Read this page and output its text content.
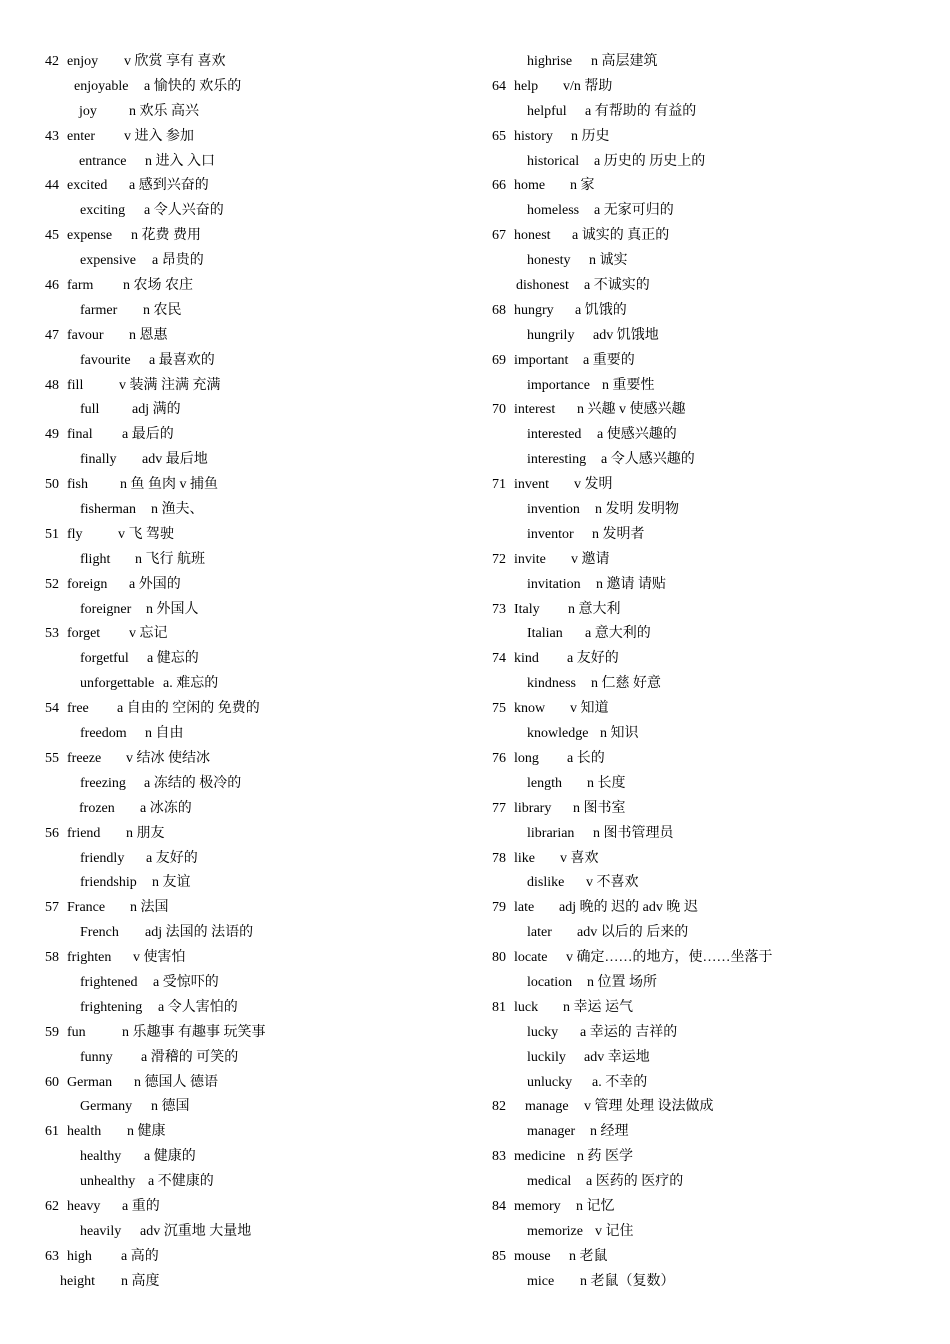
42 enjoy v 欣赏 享有 喜欢
enjoyable a 愉快的 欢乐的
joy n 欢乐 高兴
43 enter v 进入 参加
entrance n 进入 入口
44 excited a 感到兴奋的
exciting a 令人兴奋的
45 expense n 花费 费用
expensive a 昂贵的
46 farm n 农场 农庄
farmer n 农民
47 favour n 恩惠
favourite a 最喜欢的
48 fill	v 装满 注满 充满
full adj 满的
49 final a 最后的
finally adv 最后地
50 fish n 鱼 鱼肉 v 捕鱼
fisherman n 渔夫、
51 fly	v 飞 驾驶
flight n 飞行 航班
52 foreign a 外国的
foreigner n 外国人
53 forget v 忘记
forgetful a 健忘的
unforgettable a. 难忘的
54 free a 自由的 空闲的 免费的
freedom n 自由
55 freeze v 结冰 使结冰
freezing a 冻结的 极冷的
frozen a 冰冻的
56 friend n 朋友
friendly a 友好的
friendship n 友谊
57 France n 法国
French adj 法国的 法语的
58 frighten v 使害怕
frightened a 受惊吓的
frightening a 令人害怕的
59 fun	n 乐趣事 有趣事 玩笑事
funny a 滑稽的 可笑的
60 German n 德国人 德语
Germany n 德国
61 health n 健康
healthy a 健康的
unhealthy a 不健康的
62 heavy a 重的
heavily adv 沉重地 大量地
63 high a 高的
height n 高度
highrise n 高层建筑
64 help v/n 帮助
helpful a 有帮助的 有益的
65 history n 历史
historical a 历史的 历史上的
66 home n 家
homeless a 无家可归的
67 honest a 诚实的 真正的
honesty n 诚实
dishonest a 不诚实的
68 hungry a 饥饿的
hungrily adv 饥饿地
69 important a 重要的
importance n 重要性
70 interest n 兴趣 v 使感兴趣
interested a 使感兴趣的
interesting a 令人感兴趣的
71 invent v 发明
invention n 发明 发明物
inventor n 发明者
72 invite v 邀请
invitation n 邀请 请贴
73 Italy n 意大利
Italian a 意大利的
74 kind a 友好的
kindness n 仁慈 好意
75 know v 知道
knowledge n 知识
76 long a 长的
length n 长度
77 library n 图书室
librarian n 图书管理员
78 like v 喜欢
dislike v 不喜欢
79 late adj 晚的 迟的 adv 晚 迟
later adv 以后的 后来的
80 locate v 确定……的地方，使……坐落于
location n 位置 场所
81 luck n 幸运 运气
lucky a 幸运的 吉祥的
luckily adv 幸运地
unlucky a. 不幸的
82 manage v 管理 处理 设法做成
manager n 经理
83 medicine n 药 医学
medical a 医药的 医疗的
84 memory n 记忆
memorize v 记住
85 mouse n 老鼠
mice n 老鼠（复数）
